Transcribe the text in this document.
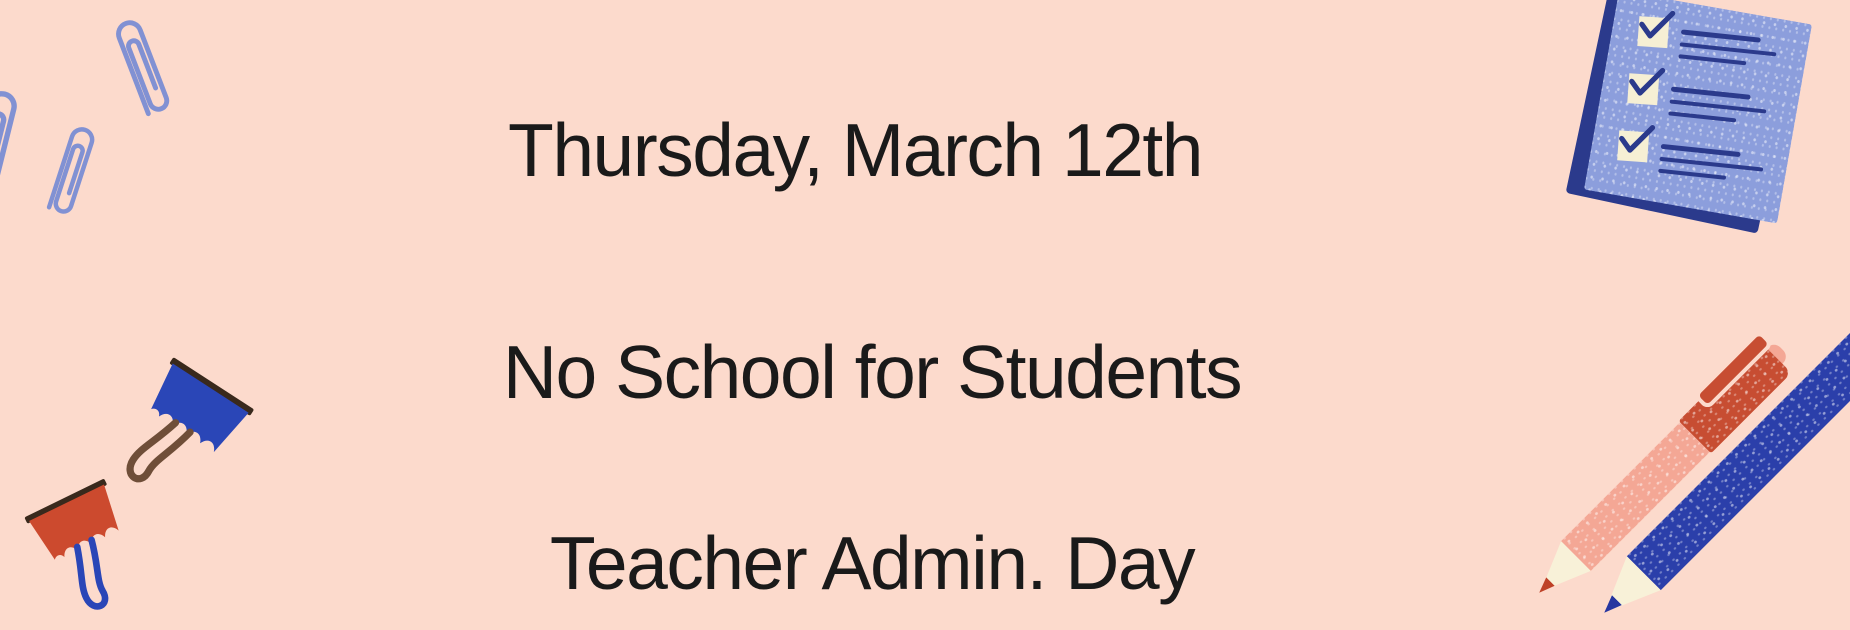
Thursday, March 12th
No School for Students
Teacher Admin. Day
